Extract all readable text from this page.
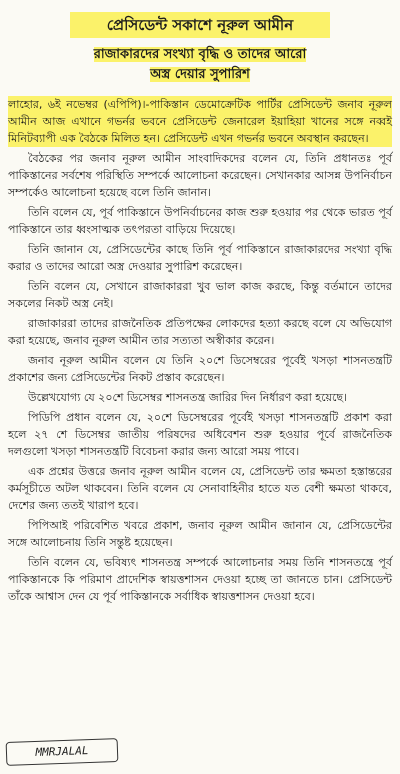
প্রেসিডেন্ট সকাশে নূরুল আমীন
রাজাকারদের সংখ্যা বৃদ্ধি ও তাদের আরো
অস্ত্র দেয়ার সুপারিশ

লাহোর, ৬ই নভেম্বর (এপিপি)।-পাকিস্তান ডেমোক্রেটিক পার্টির প্রেসিডেন্ট জনাব নূরুল আমীন আজ এখানে গভর্নর ভবনে প্রেসিডেন্ট জেনারেল ইয়াহিয়া খানের সঙ্গে নব্বই মিনিটব্যাপী এক বৈঠকে মিলিত হন। প্রেসিডেন্ট এখন গভর্নর ভবনে অবস্থান করছেন।

বৈঠকের পর জনাব নূরুল আমীন সাংবাদিকদের বলেন যে, তিনি প্রধানতঃ পূর্ব পাকিস্তানের সর্বশেষ পরিস্থিতি সম্পর্কে আলোচনা করেছেন। সেখানকার আসন্ন উপনির্বাচন সম্পর্কেও আলোচনা হয়েছে বলে তিনি জানান।

তিনি বলেন যে, পূর্ব পাকিস্তানে উপনির্বাচনের কাজ শুরু হওয়ার পর থেকে ভারত পূর্ব পাকিস্তানে তার ধ্বংসাত্মক তৎপরতা বাড়িয়ে দিয়েছে।

তিনি জানান যে, প্রেসিডেন্টের কাছে তিনি পূর্ব পাকিস্তানে রাজাকারদের সংখ্যা বৃদ্ধি করার ও তাদের আরো অস্ত্র দেওয়ার সুপারিশ করেছেন।

তিনি বলেন যে, সেখানে রাজাকাররা খুব ভাল কাজ করছে, কিন্তু বর্তমানে তাদের সকলের নিকট অস্ত্র নেই।

রাজাকাররা তাদের রাজনৈতিক প্রতিপক্ষের লোকদের হত্যা করছে বলে যে অভিযোগ করা হয়েছে, জনাব নূরুল আমীন তার সত্যতা অস্বীকার করেন।

জনাব নূরুল আমীন বলেন যে তিনি ২০শে ডিসেম্বরের পূর্বেই খসড়া শাসনতন্ত্রটি প্রকাশের জন্য প্রেসিডেন্টের নিকট প্রস্তাব করেছেন।

উল্লেখযোগ্য যে ২০শে ডিসেম্বর শাসনতন্ত্র জারির দিন নির্ধারণ করা হয়েছে।

পিডিপি প্রধান বলেন যে, ২০শে ডিসেম্বরের পূর্বেই খসড়া শাসনতন্ত্রটি প্রকাশ করা হলে ২৭ শে ডিসেম্বর জাতীয় পরিষদের অধিবেশন শুরু হওয়ার পূর্বে রাজনৈতিক দলগুলো খসড়া শাসনতন্ত্রটি বিবেচনা করার জন্য আরো সময় পাবে।

এক প্রশ্নের উত্তরে জনাব নূরুল আমীন বলেন যে, প্রেসিডেন্ট তার ক্ষমতা হস্তান্তরের কর্মসূচীতে অটল থাকবেন। তিনি বলেন যে সেনাবাহিনীর হাতে যত বেশী ক্ষমতা থাকবে, দেশের জন্য ততই খারাপ হবে।

পিপিআই পরিবেশিত খবরে প্রকাশ, জনাব নূরুল আমীন জানান যে, প্রেসিডেন্টের সঙ্গে আলোচনায় তিনি সন্তুষ্ট হয়েছেন।

তিনি বলেন যে, ভবিষ্যৎ শাসনতন্ত্র সম্পর্কে আলোচনার সময় তিনি শাসনতন্ত্রে পূর্ব পাকিস্তানকে কি পরিমাণ প্রাদেশিক স্বায়ত্তশাসন দেওয়া হচ্ছে তা জানতে চান। প্রেসিডেন্ট তাঁকে আশ্বাস দেন যে পূর্ব পাকিস্তানকে সর্বাধিক স্বায়ত্তশাসন দেওয়া হবে।

MMRJALAL
